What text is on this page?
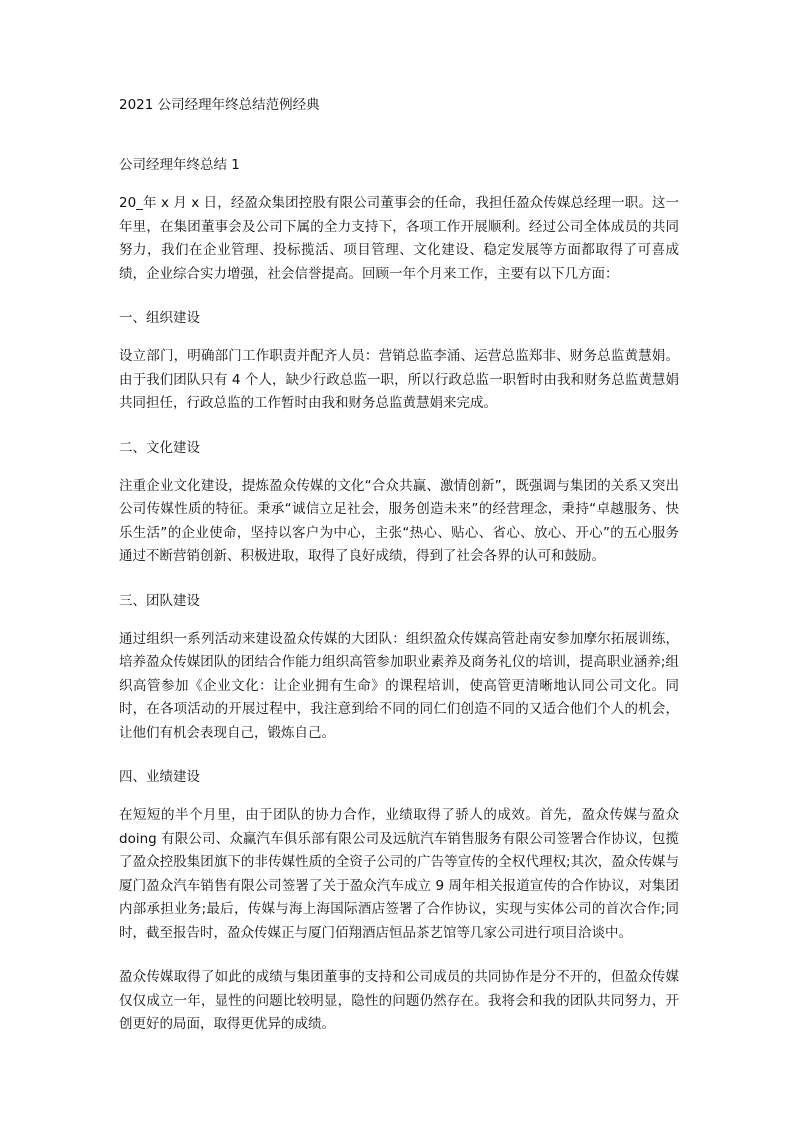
2021 公司经理年终总结范例经典
公司经理年终总结 1

20_年 x 月 x 日，经盈众集团控股有限公司董事会的任命，我担任盈众传媒总经理一职。这一年里，在集团董事会及公司下属的全力支持下，各项工作开展顺利。经过公司全体成员的共同努力，我们在企业管理、投标揽活、项目管理、文化建设、稳定发展等方面都取得了可喜成绩，企业综合实力增强，社会信誉提高。回顾一年个月来工作，主要有以下几方面：

一、组织建设

设立部门，明确部门工作职责并配齐人员：营销总监李涌、运营总监郑非、财务总监黄慧娟。由于我们团队只有 4 个人，缺少行政总监一职，所以行政总监一职暂时由我和财务总监黄慧娟共同担任，行政总监的工作暂时由我和财务总监黄慧娟来完成。

二、文化建设

注重企业文化建设，提炼盈众传媒的文化“合众共赢、激情创新”，既强调与集团的关系又突出公司传媒性质的特征。秉承“诚信立足社会，服务创造未来”的经营理念，秉持“卓越服务、快乐生活”的企业使命，坚持以客户为中心，主张“热心、贴心、省心、放心、开心”的五心服务通过不断营销创新、积极进取，取得了良好成绩，得到了社会各界的认可和鼓励。

三、团队建设

通过组织一系列活动来建设盈众传媒的大团队：组织盈众传媒高管赴南安参加摩尔拓展训练，培养盈众传媒团队的团结合作能力组织高管参加职业素养及商务礼仪的培训，提高职业涵养;组织高管参加《企业文化：让企业拥有生命》的课程培训，使高管更清晰地认同公司文化。同时，在各项活动的开展过程中，我注意到给不同的同仁们创造不同的又适合他们个人的机会，让他们有机会表现自己，锻炼自己。

四、业绩建设

在短短的半个月里，由于团队的协力合作，业绩取得了骄人的成效。首先，盈众传媒与盈众 doing 有限公司、众赢汽车俱乐部有限公司及远航汽车销售服务有限公司签署合作协议，包揽了盈众控股集团旗下的非传媒性质的全资子公司的广告等宣传的全权代理权;其次，盈众传媒与厦门盈众汽车销售有限公司签署了关于盈众汽车成立 9 周年相关报道宣传的合作协议，对集团内部承担业务;最后，传媒与海上海国际酒店签署了合作协议，实现与实体公司的首次合作;同时，截至报告时，盈众传媒正与厦门佰翔酒店恒品茶艺馆等几家公司进行项目洽谈中。

盈众传媒取得了如此的成绩与集团董事的支持和公司成员的共同协作是分不开的，但盈众传媒仅仅成立一年，显性的问题比较明显，隐性的问题仍然存在。我将会和我的团队共同努力，开创更好的局面，取得更优异的成绩。
